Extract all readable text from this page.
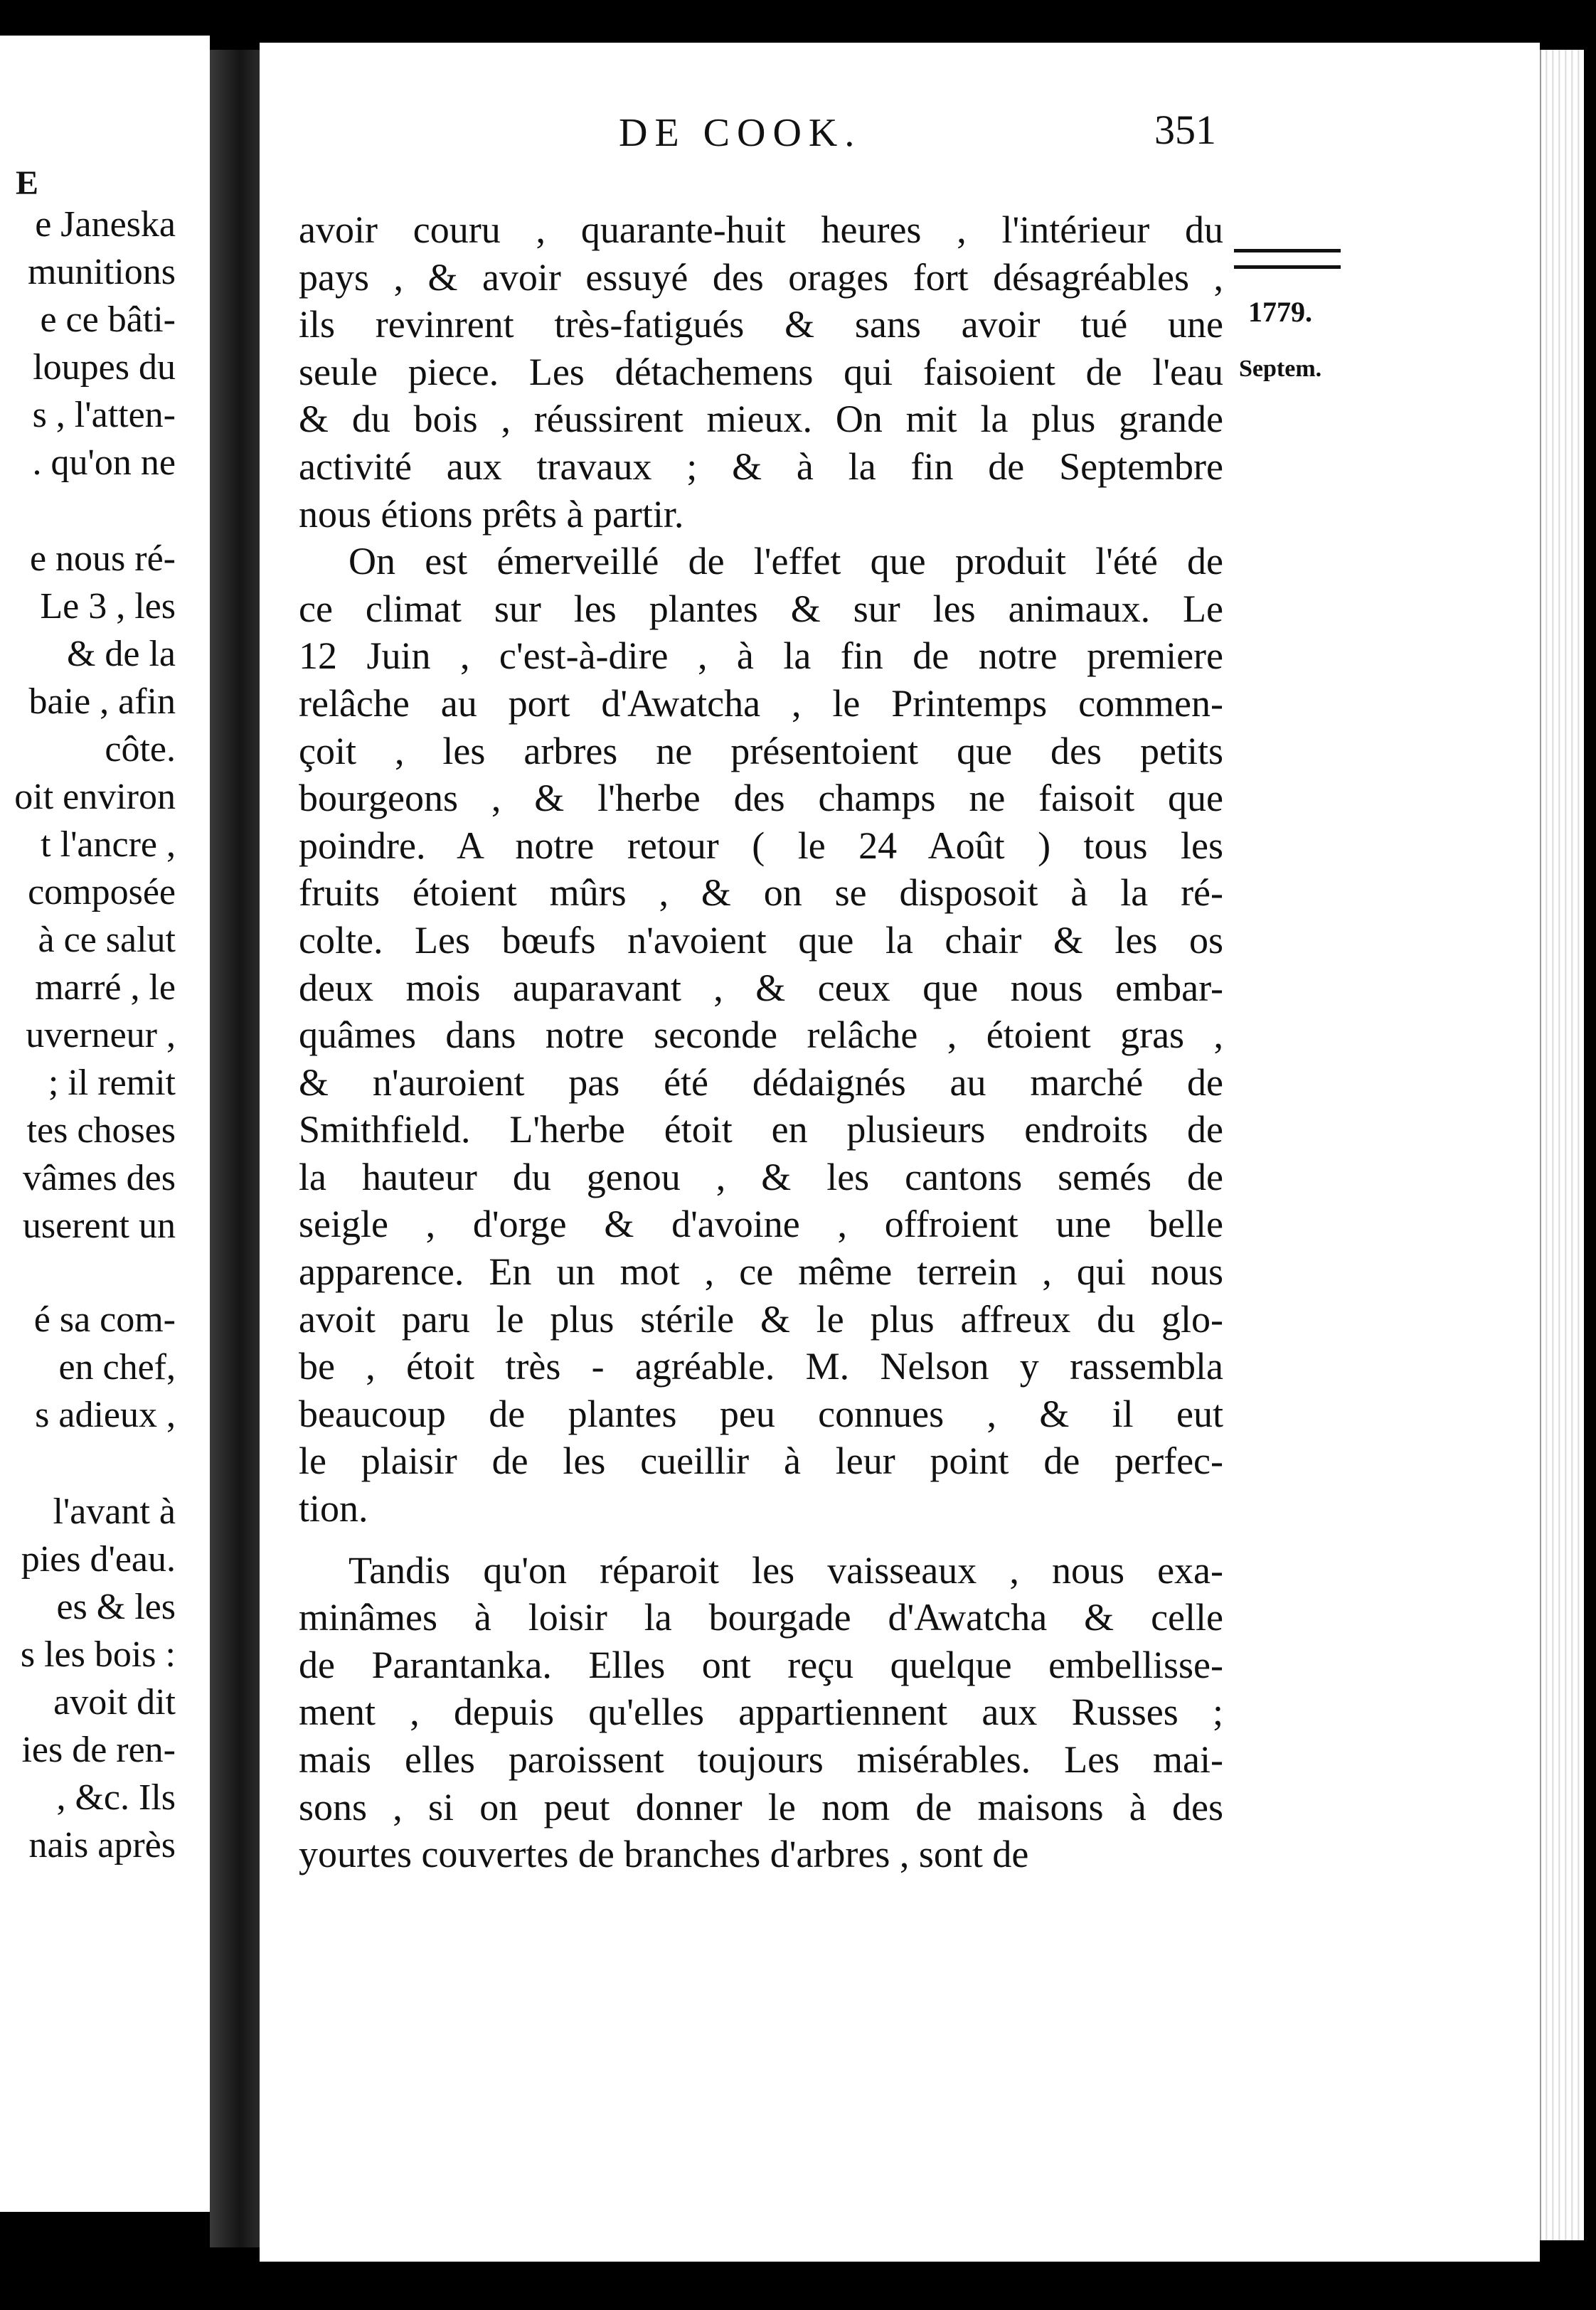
E
e Janeska
munitions
e ce bâti-
loupes du
s , l'atten-
. qu'on ne
e nous ré-
Le 3 , les
& de la
baie , afin
côte.
oit environ
t l'ancre ,
composée
à ce salut
marré , le
uverneur ,
; il remit
tes choses
vâmes des
userent un
é sa com-
en chef,
s adieux ,
l'avant à
pies d'eau.
es & les
s les bois :
avoit dit
ies de ren-
, &c. Ils
nais après
DE COOK.	351
avoir couru , quarante-huit heures , l'intérieur du
pays , & avoir essuyé des orages fort désagréables ,
ils revinrent très-fatigués & sans avoir tué une
seule piece. Les détachemens qui faisoient de l'eau
& du bois , réussirent mieux. On mit la plus grande
activité aux travaux ; & à la fin de Septembre
nous étions prêts à partir.
On est émerveillé de l'effet que produit l'été de
ce climat sur les plantes & sur les animaux. Le
12 Juin , c'est-à-dire , à la fin de notre premiere
relâche au port d'Awatcha , le Printemps commen-
çoit , les arbres ne présentoient que des petits
bourgeons , & l'herbe des champs ne faisoit que
poindre. A notre retour ( le 24 Août ) tous les
fruits étoient mûrs , & on se disposoit à la ré-
colte. Les bœufs n'avoient que la chair & les os
deux mois auparavant , & ceux que nous embar-
quâmes dans notre seconde relâche , étoient gras ,
& n'auroient pas été dédaignés au marché de
Smithfield. L'herbe étoit en plusieurs endroits de
la hauteur du genou , & les cantons semés de
seigle , d'orge & d'avoine , offroient une belle
apparence. En un mot , ce même terrein , qui nous
avoit paru le plus stérile & le plus affreux du glo-
be , étoit très - agréable. M. Nelson y rassembla
beaucoup de plantes peu connues , & il eut
le plaisir de les cueillir à leur point de perfec-
tion.
Tandis qu'on réparoit les vaisseaux , nous exa-
minâmes à loisir la bourgade d'Awatcha & celle
de Parantanka. Elles ont reçu quelque embellisse-
ment , depuis qu'elles appartiennent aux Russes ;
mais elles paroissent toujours misérables. Les mai-
sons , si on peut donner le nom de maisons à des
yourtes couvertes de branches d'arbres , sont de
1779.
Septem.
